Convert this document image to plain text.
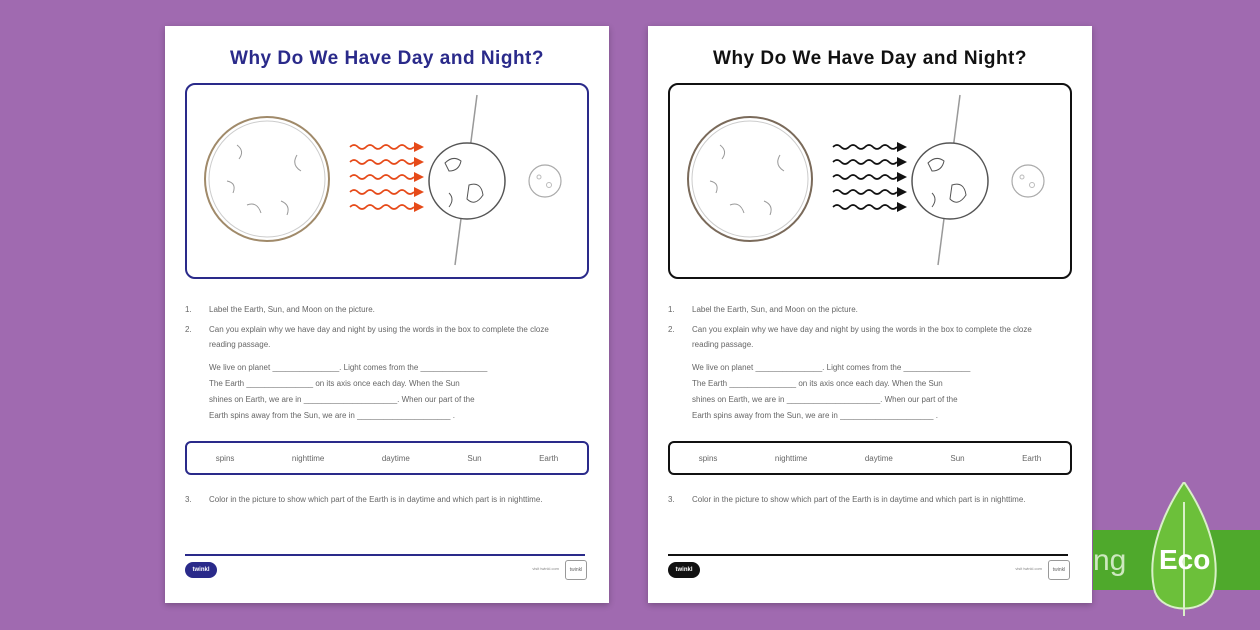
Why Do We Have Day and Night?
1. Label the Earth, Sun, and Moon on the picture.
2. Can you explain why we have day and night by using the words in the box to complete the cloze reading passage.
We live on planet _______________. Light comes from the _______________
The Earth _______________ on its axis once each day. When the Sun
shines on Earth, we are in _____________________. When our part of the
Earth spins away from the Sun, we are in _____________________ .
spins	nighttime	daytime	Sun	Earth
3. Color in the picture to show which part of the Earth is in daytime and which part is in nighttime.
twinkl	visit twinkl.com	twinkl
Why Do We Have Day and Night?
1. Label the Earth, Sun, and Moon on the picture.
2. Can you explain why we have day and night by using the words in the box to complete the cloze reading passage.
We live on planet _______________. Light comes from the _______________
The Earth _______________ on its axis once each day. When the Sun
shines on Earth, we are in _____________________. When our part of the
Earth spins away from the Sun, we are in _____________________ .
spins	nighttime	daytime	Sun	Earth
3. Color in the picture to show which part of the Earth is in daytime and which part is in nighttime.
twinkl	visit twinkl.com	twinkl ng Eco
